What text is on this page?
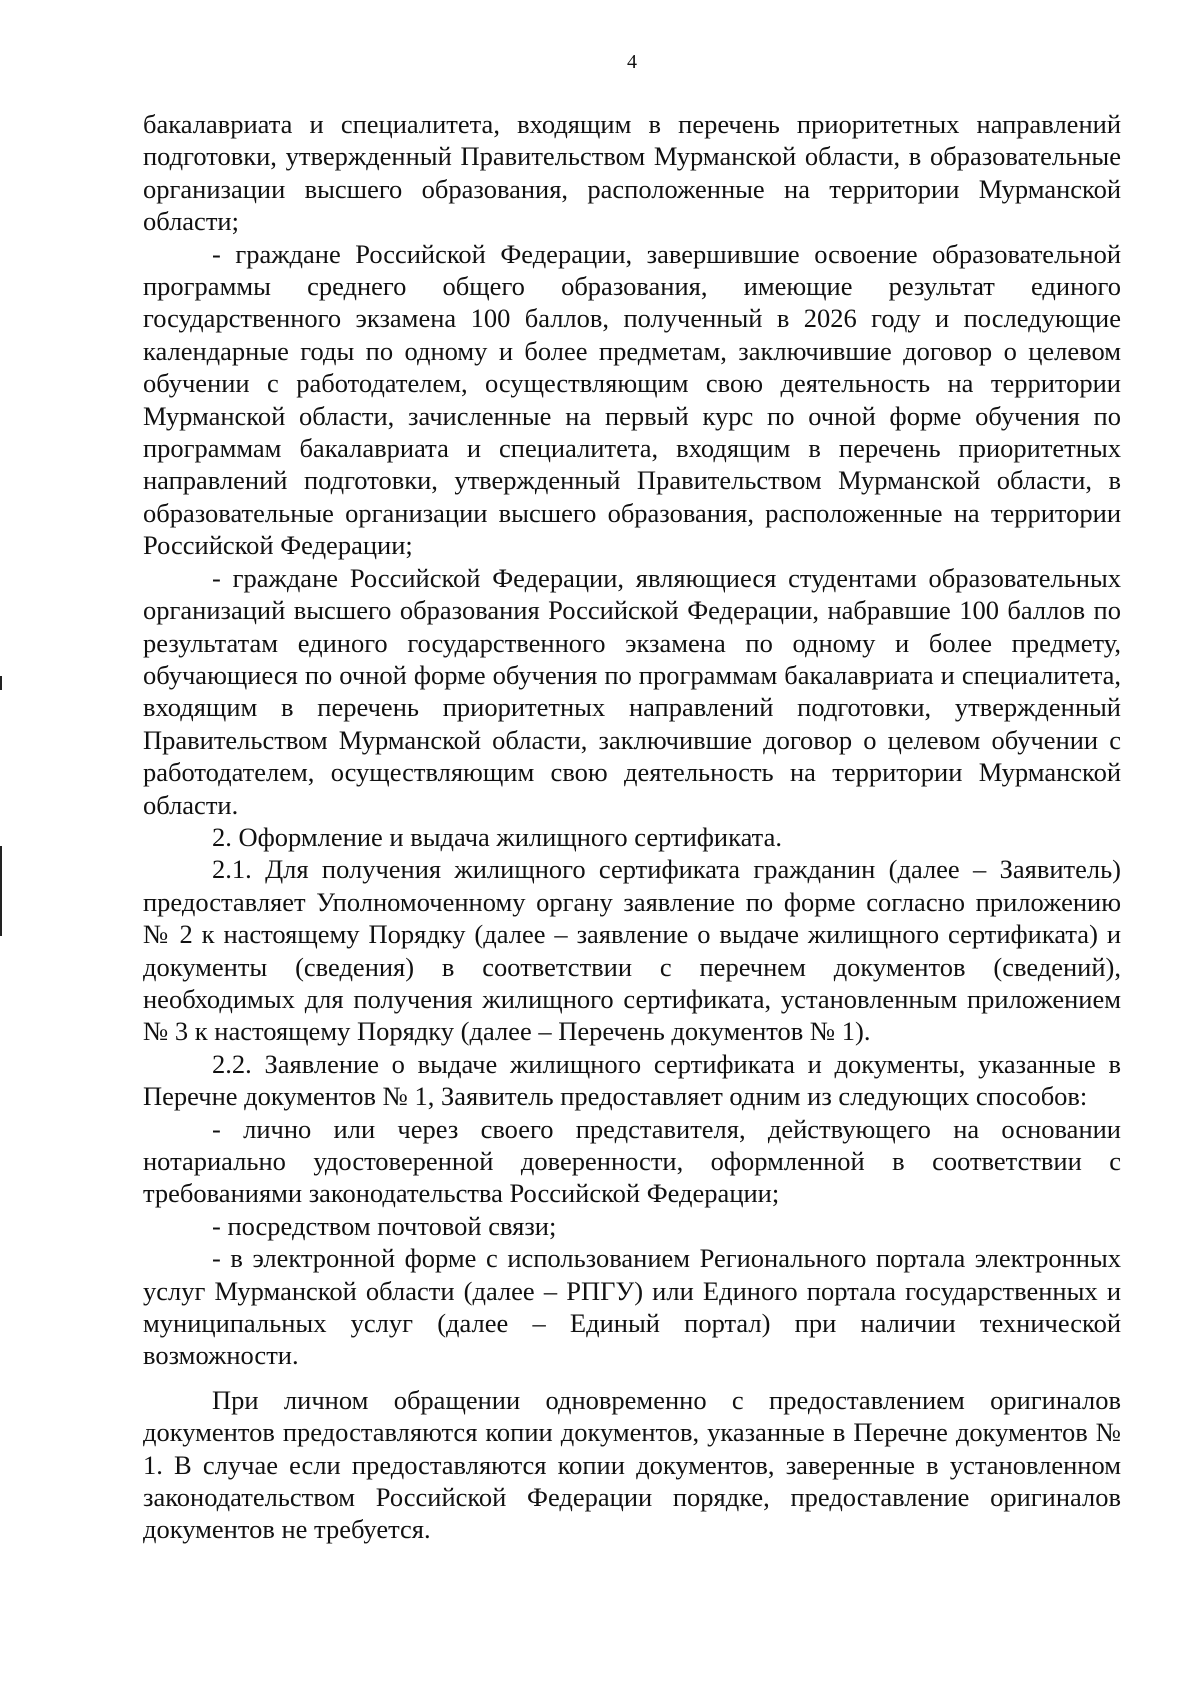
4

бакалавриата и специалитета, входящим в перечень приоритетных направлений подготовки, утвержденный Правительством Мурманской области, в образовательные организации высшего образования, расположенные на территории Мурманской области;

- граждане Российской Федерации, завершившие освоение образовательной программы среднего общего образования, имеющие результат единого государственного экзамена 100 баллов, полученный в 2026 году и последующие календарные годы по одному и более предметам, заключившие договор о целевом обучении с работодателем, осуществляющим свою деятельность на территории Мурманской области, зачисленные на первый курс по очной форме обучения по программам бакалавриата и специалитета, входящим в перечень приоритетных направлений подготовки, утвержденный Правительством Мурманской области, в образовательные организации высшего образования, расположенные на территории Российской Федерации;

- граждане Российской Федерации, являющиеся студентами образовательных организаций высшего образования Российской Федерации, набравшие 100 баллов по результатам единого государственного экзамена по одному и более предмету, обучающиеся по очной форме обучения по программам бакалавриата и специалитета, входящим в перечень приоритетных направлений подготовки, утвержденный Правительством Мурманской области, заключившие договор о целевом обучении с работодателем, осуществляющим свою деятельность на территории Мурманской области.

2. Оформление и выдача жилищного сертификата.

2.1. Для получения жилищного сертификата гражданин (далее – Заявитель) предоставляет Уполномоченному органу заявление по форме согласно приложению № 2 к настоящему Порядку (далее – заявление о выдаче жилищного сертификата) и документы (сведения) в соответствии с перечнем документов (сведений), необходимых для получения жилищного сертификата, установленным приложением № 3 к настоящему Порядку (далее – Перечень документов № 1).

2.2. Заявление о выдаче жилищного сертификата и документы, указанные в Перечне документов № 1, Заявитель предоставляет одним из следующих способов:

- лично или через своего представителя, действующего на основании нотариально удостоверенной доверенности, оформленной в соответствии с требованиями законодательства Российской Федерации;

- посредством почтовой связи;

- в электронной форме с использованием Регионального портала электронных услуг Мурманской области (далее – РПГУ) или Единого портала государственных и муниципальных услуг (далее – Единый портал) при наличии технической возможности.

При личном обращении одновременно с предоставлением оригиналов документов предоставляются копии документов, указанные в Перечне документов № 1. В случае если предоставляются копии документов, заверенные в установленном законодательством Российской Федерации порядке, предоставление оригиналов документов не требуется.
